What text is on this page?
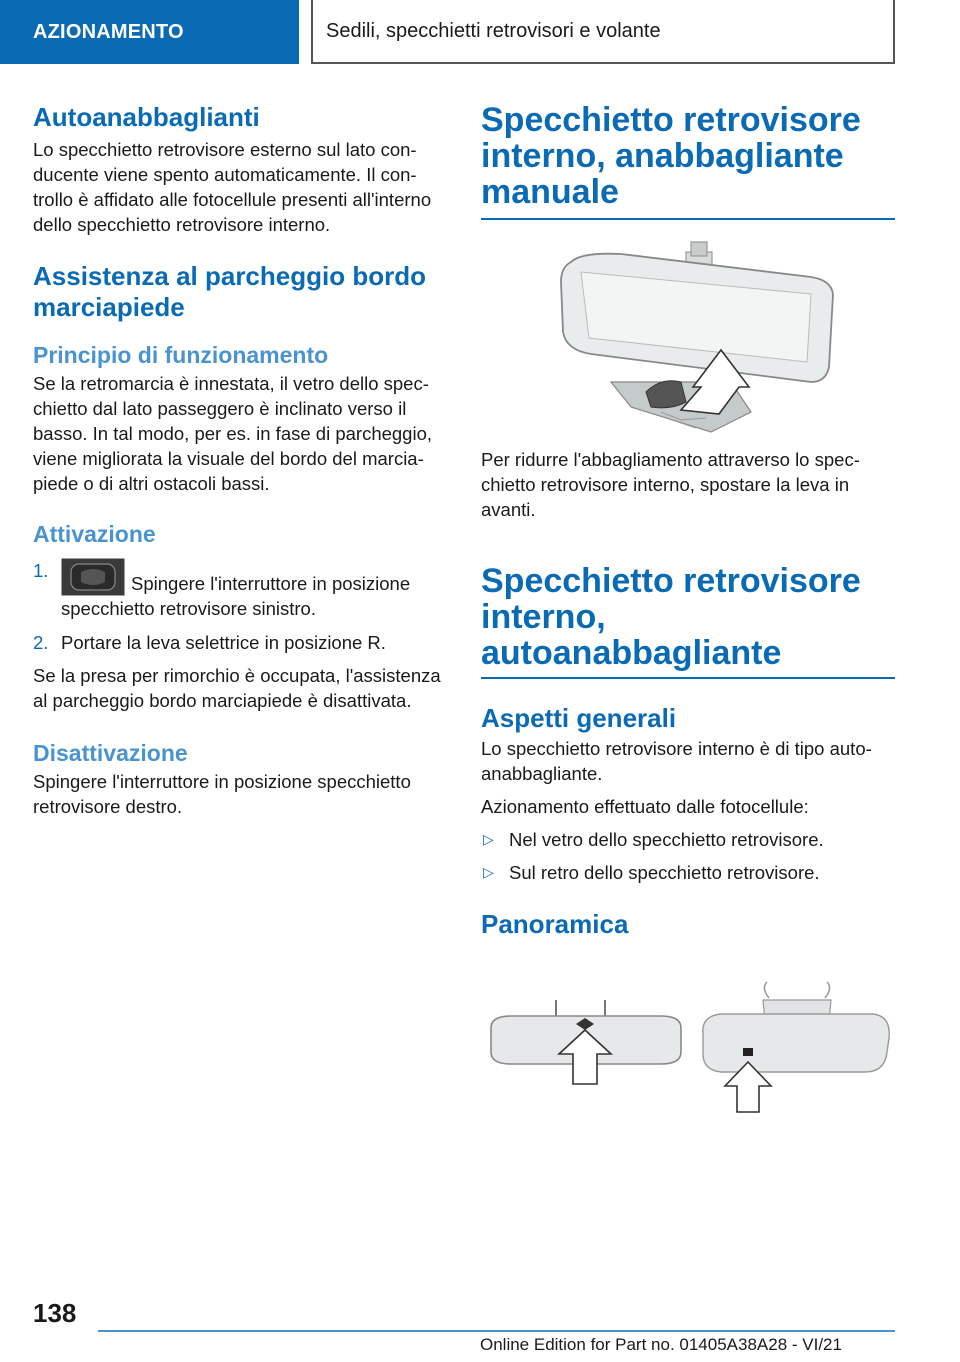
AZIONAMENTO	Sedili, specchietti retrovisori e volante
Autoanabbaglianti
Lo specchietto retrovisore esterno sul lato con-
ducente viene spento automaticamente. Il con-
trollo è affidato alle fotocellule presenti all'interno
dello specchietto retrovisore interno.
Assistenza al parcheggio bordo
marciapiede
Principio di funzionamento
Se la retromarcia è innestata, il vetro dello spec-
chietto dal lato passeggero è inclinato verso il
basso. In tal modo, per es. in fase di parcheggio,
viene migliorata la visuale del bordo del marcia-
piede o di altri ostacoli bassi.
Attivazione
1.
Spingere l'interruttore in posizione
specchietto retrovisore sinistro.
2. Portare la leva selettrice in posizione R.
Se la presa per rimorchio è occupata, l'assistenza
al parcheggio bordo marciapiede è disattivata.
Disattivazione
Spingere l'interruttore in posizione specchietto
retrovisore destro.
Specchietto retrovisore
interno, anabbagliante
manuale
Per ridurre l'abbagliamento attraverso lo spec-
chietto retrovisore interno, spostare la leva in
avanti.
Specchietto retrovisore
interno, autoanabbagliante
Aspetti generali
Lo specchietto retrovisore interno è di tipo auto-
anabbagliante.
Azionamento effettuato dalle fotocellule:
▷ Nel vetro dello specchietto retrovisore.
▷ Sul retro dello specchietto retrovisore.
Panoramica
138
Online Edition for Part no. 01405A38A28 - VI/21
